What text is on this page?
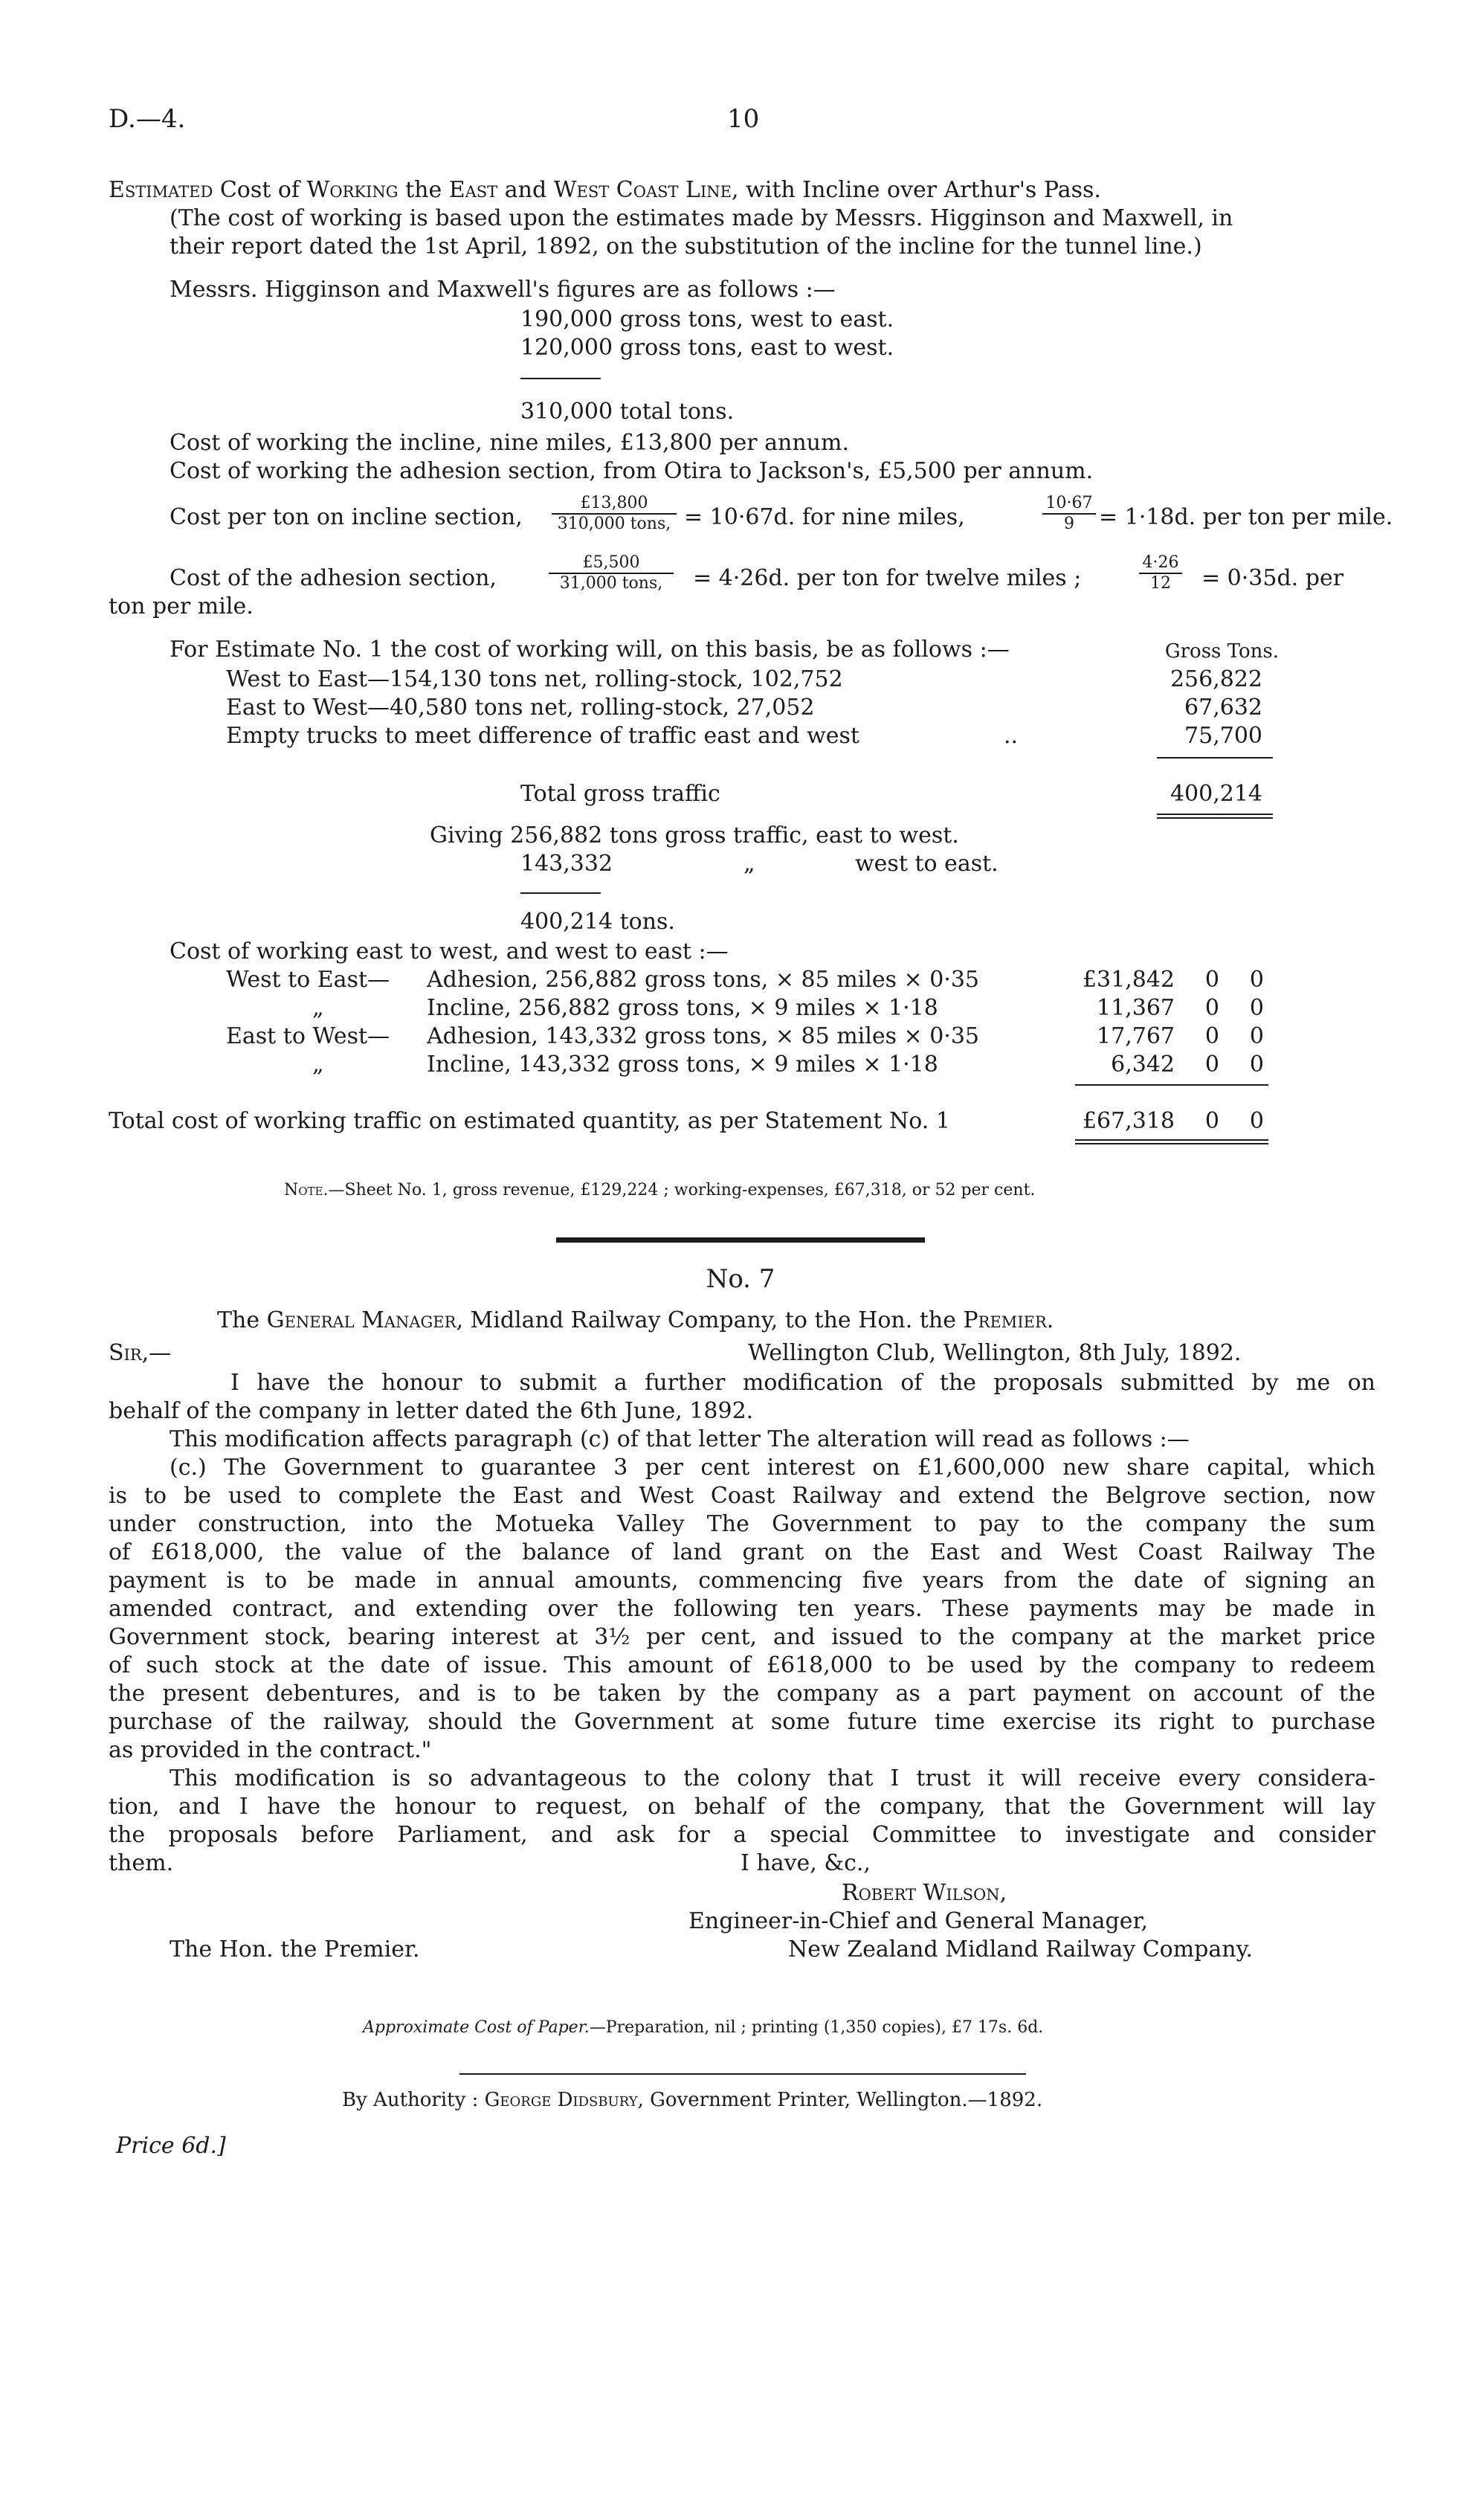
D.—4.	10
Estimated Cost of Working the East and West Coast Line, with Incline over Arthur's Pass.
(The cost of working is based upon the estimates made by Messrs. Higginson and Maxwell, in
their report dated the 1st April, 1892, on the substitution of the incline for the tunnel line.)
Messrs. Higginson and Maxwell's figures are as follows :—
190,000 gross tons, west to east.
120,000 gross tons, east to west.
310,000 total tons.
Cost of working the incline, nine miles, £13,800 per annum.
Cost of working the adhesion section, from Otira to Jackson's, £5,500 per annum.
Cost per ton on incline section,
£13,800
310,000 tons, = 10·67d. for nine miles,	$\frac{10\cdot 67}{9} = 1\cdot 18d$. per ton per mile.
Cost of the adhesion section,
£5,500
31,000 tons,	= 4·26d. per ton for twelve miles ;	$\frac{4\cdot 26}{12} = 0\cdot 35d$. per
ton per mile.
For Estimate No. 1 the cost of working will, on this basis, be as follows :—	Gross Tons.
West to East—154,130 tons net, rolling-stock, 102,752	256,822
East to West—40,580 tons net, rolling-stock, 27,052	67,632
Empty trucks to meet difference of traffic east and west	..	75,700
Total gross traffic	400,214
Giving 256,882 tons gross traffic, east to west.
143,332	„	west to east.
400,214 tons.
Cost of working east to west, and west to east :—
West to East— Adhesion, 256,882 gross tons, × 85 miles × 0·35	£31,842	0	0
„	Incline, 256,882 gross tons, × 9 miles × 1·18	11,367	0	0
East to West— Adhesion, 143,332 gross tons, × 85 miles × 0·35	17,767	0	0
„	Incline, 143,332 gross tons, × 9 miles × 1·18	6,342	0	0
Total cost of working traffic on estimated quantity, as per Statement No. 1	£67,318	0	0
Note.—Sheet No. 1, gross revenue, £129,224 ; working-expenses, £67,318, or 52 per cent.
No. 7
The General Manager, Midland Railway Company, to the Hon. the Premier.
Sir,—	Wellington Club, Wellington, 8th July, 1892.
I have the honour to submit a further modification of the proposals submitted by me on
behalf of the company in letter dated the 6th June, 1892.
This modification affects paragraph (c) of that letter The alteration will read as follows :—
(c.) The Government to guarantee 3 per cent interest on £1,600,000 new share capital, which
is to be used to complete the East and West Coast Railway and extend the Belgrove section, now
under construction, into the Motueka Valley The Government to pay to the company the sum
of £618,000, the value of the balance of land grant on the East and West Coast Railway The
payment is to be made in annual amounts, commencing five years from the date of signing an
amended contract, and extending over the following ten years. These payments may be made in
Government stock, bearing interest at 3½ per cent, and issued to the company at the market price
of such stock at the date of issue. This amount of £618,000 to be used by the company to redeem
the present debentures, and is to be taken by the company as a part payment on account of the
purchase of the railway, should the Government at some future time exercise its right to purchase
as provided in the contract."
This modification is so advantageous to the colony that I trust it will receive every considera-
tion, and I have the honour to request, on behalf of the company, that the Government will lay
the proposals before Parliament, and ask for a special Committee to investigate and consider
them.	I have, &c.,
Robert Wilson,
Engineer-in-Chief and General Manager,
The Hon. the Premier.	New Zealand Midland Railway Company.
Approximate Cost of Paper.—Preparation, nil ; printing (1,350 copies), £7 17s. 6d.
By Authority : George Didsbury, Government Printer, Wellington.—1892.
Price 6d.]
